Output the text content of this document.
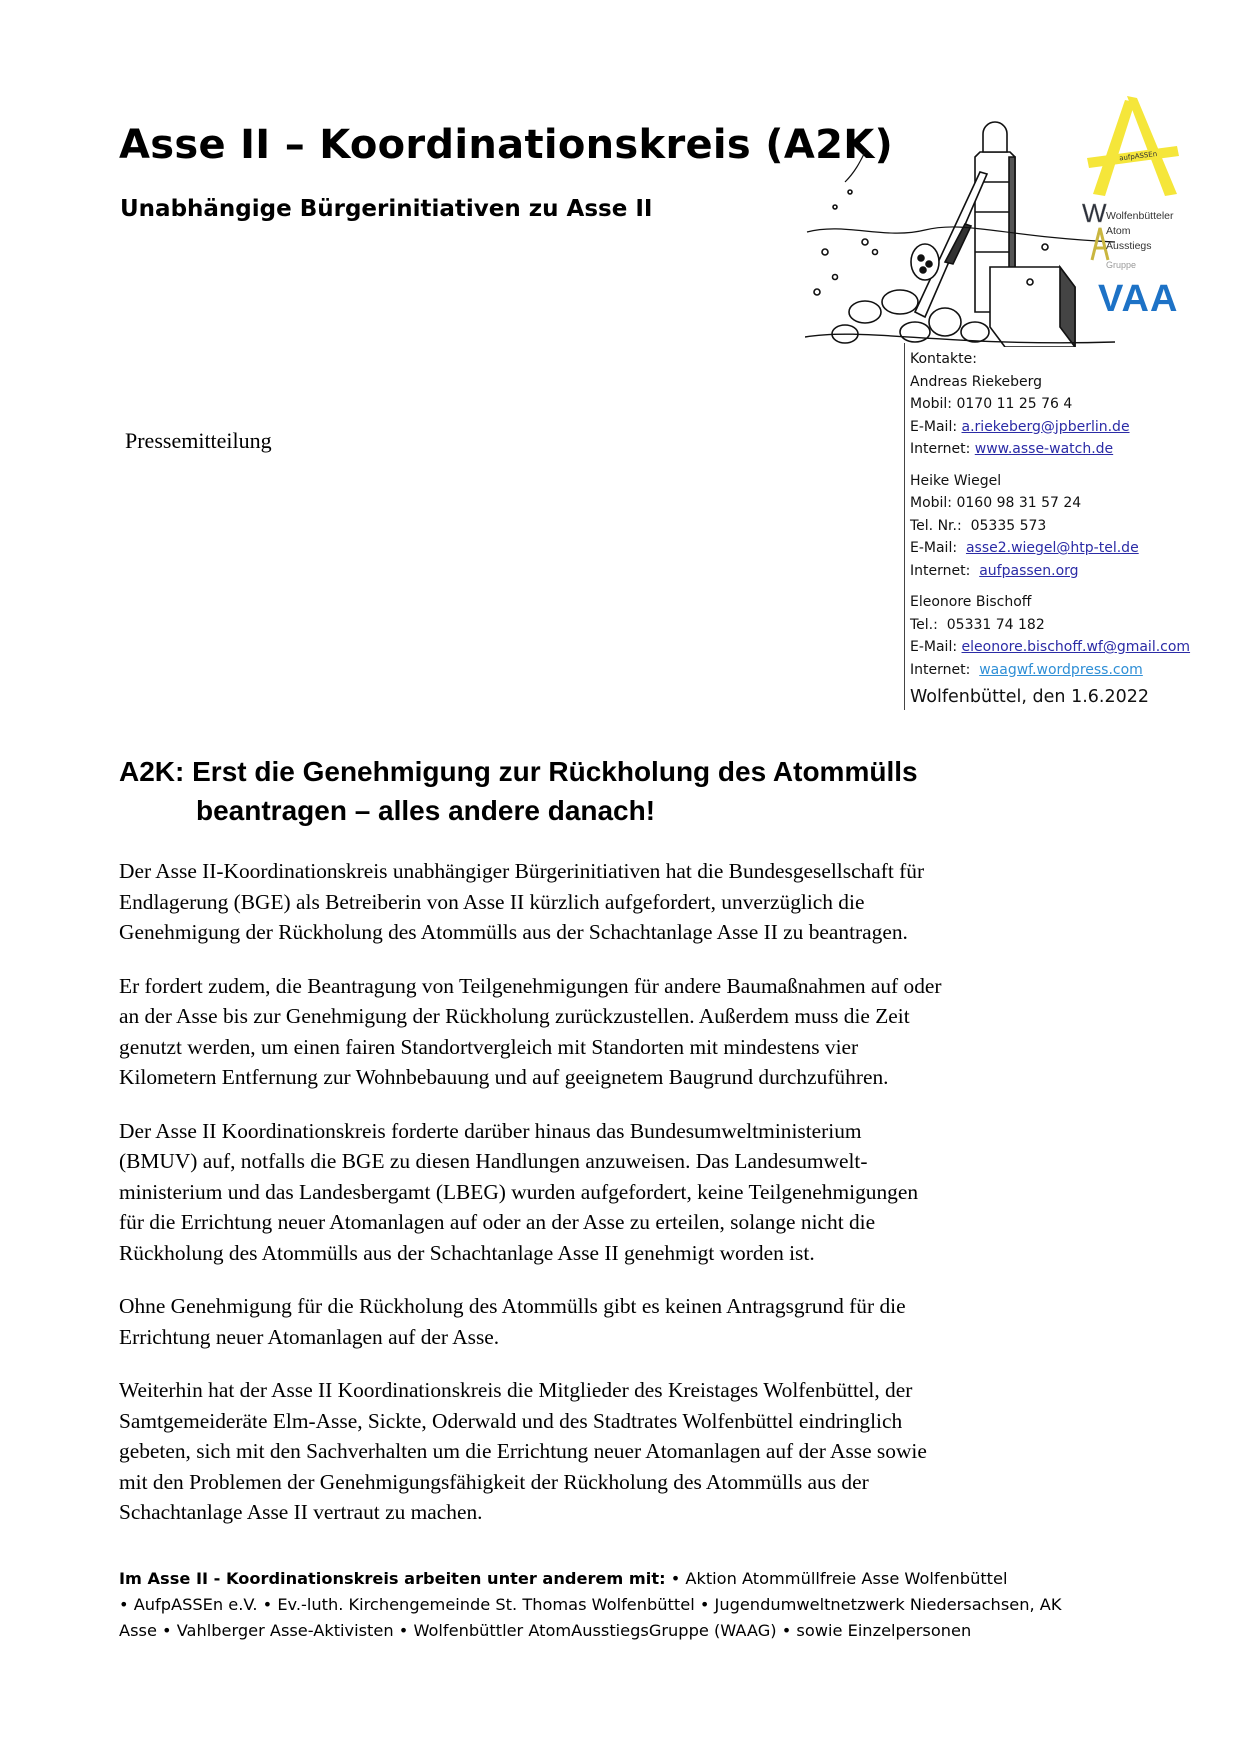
Asse II – Koordinationskreis (A2K)
Unabhängige Bürgerinitiativen zu Asse II
aufpASSEn
W Wolfenbütteler
Atom
Ausstiegs
Gruppe
VAA
Pressemitteilung
Kontakte:
Andreas Riekeberg
Mobil: 0170 11 25 76 4
E-Mail: a.riekeberg@jpberlin.de
Internet: www.asse-watch.de
Heike Wiegel
Mobil: 0160 98 31 57 24
Tel. Nr.:  05335 573
E-Mail:  asse2.wiegel@htp-tel.de
Internet:  aufpassen.org
Eleonore Bischoff
Tel.:  05331 74 182
E-Mail: eleonore.bischoff.wf@gmail.com
Internet:  waagwf.wordpress.com
Wolfenbüttel, den 1.6.2022
A2K: Erst die Genehmigung zur Rückholung des Atommülls
beantragen – alles andere danach!

Der Asse II-Koordinationskreis unabhängiger Bürgerinitiativen hat die Bundesgesellschaft für
Endlagerung (BGE) als Betreiberin von Asse II kürzlich aufgefordert, unverzüglich die
Genehmigung der Rückholung des Atommülls aus der Schachtanlage Asse II zu beantragen.

Er fordert zudem, die Beantragung von Teilgenehmigungen für andere Baumaßnahmen auf oder
an der Asse bis zur Genehmigung der Rückholung zurückzustellen. Außerdem muss die Zeit
genutzt werden, um einen fairen Standortvergleich mit Standorten mit mindestens vier
Kilometern Entfernung zur Wohnbebauung und auf geeignetem Baugrund durchzuführen.

Der Asse II Koordinationskreis forderte darüber hinaus das Bundesumweltministerium
(BMUV) auf, notfalls die BGE zu diesen Handlungen anzuweisen. Das Landesumwelt-
ministerium und das Landesbergamt (LBEG) wurden aufgefordert, keine Teilgenehmigungen
für die Errichtung neuer Atomanlagen auf oder an der Asse zu erteilen, solange nicht die
Rückholung des Atommülls aus der Schachtanlage Asse II genehmigt worden ist.

Ohne Genehmigung für die Rückholung des Atommülls gibt es keinen Antragsgrund für die
Errichtung neuer Atomanlagen auf der Asse.

Weiterhin hat der Asse II Koordinationskreis die Mitglieder des Kreistages Wolfenbüttel, der
Samtgemeideräte Elm-Asse, Sickte, Oderwald und des Stadtrates Wolfenbüttel eindringlich
gebeten, sich mit den Sachverhalten um die Errichtung neuer Atomanlagen auf der Asse sowie
mit den Problemen der Genehmigungsfähigkeit der Rückholung des Atommülls aus der
Schachtanlage Asse II vertraut zu machen.

Im Asse II - Koordinationskreis arbeiten unter anderem mit: • Aktion Atommüllfreie Asse Wolfenbüttel
• AufpASSEn e.V. • Ev.-luth. Kirchengemeinde St. Thomas Wolfenbüttel • Jugendumweltnetzwerk Niedersachsen, AK
Asse • Vahlberger Asse-Aktivisten • Wolfenbüttler AtomAusstiegsGruppe (WAAG) • sowie Einzelpersonen
